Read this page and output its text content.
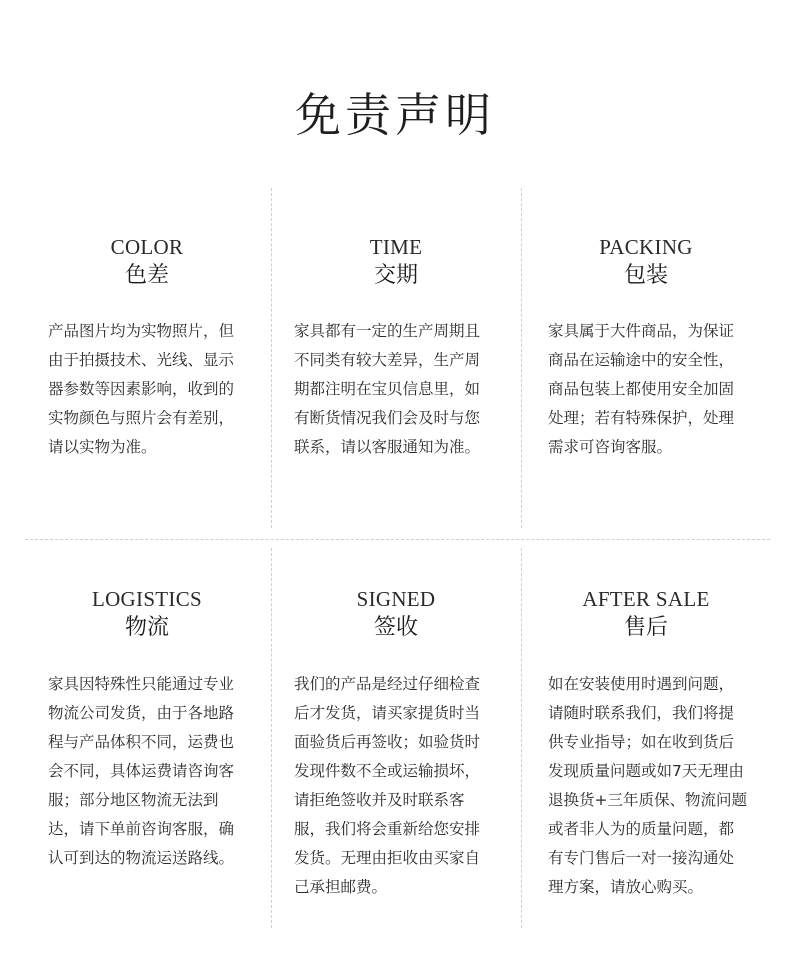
免责声明
COLOR
色差
产品图片均为实物照片，但由于拍摄技术、光线、显示器参数等因素影响，收到的实物颜色与照片会有差别，请以实物为准。
TIME
交期
家具都有一定的生产周期且不同类有较大差异，生产周期都注明在宝贝信息里，如有断货情况我们会及时与您联系，请以客服通知为准。
PACKING
包装
家具属于大件商品，为保证商品在运输途中的安全性，商品包装上都使用安全加固处理；若有特殊保护，处理需求可咨询客服。
LOGISTICS
物流
家具因特殊性只能通过专业物流公司发货，由于各地路程与产品体积不同，运费也会不同，具体运费请咨询客服；部分地区物流无法到达，请下单前咨询客服，确认可到达的物流运送路线。
SIGNED
签收
我们的产品是经过仔细检查后才发货，请买家提货时当面验货后再签收；如验货时发现件数不全或运输损坏，请拒绝签收并及时联系客服，我们将会重新给您安排发货。无理由拒收由买家自己承担邮费。
AFTER SALE
售后
如在安装使用时遇到问题，请随时联系我们，我们将提供专业指导；如在收到货后发现质量问题或如7天无理由退换货+三年质保、物流问题或者非人为的质量问题，都有专门售后一对一接沟通处理方案，请放心购买。
